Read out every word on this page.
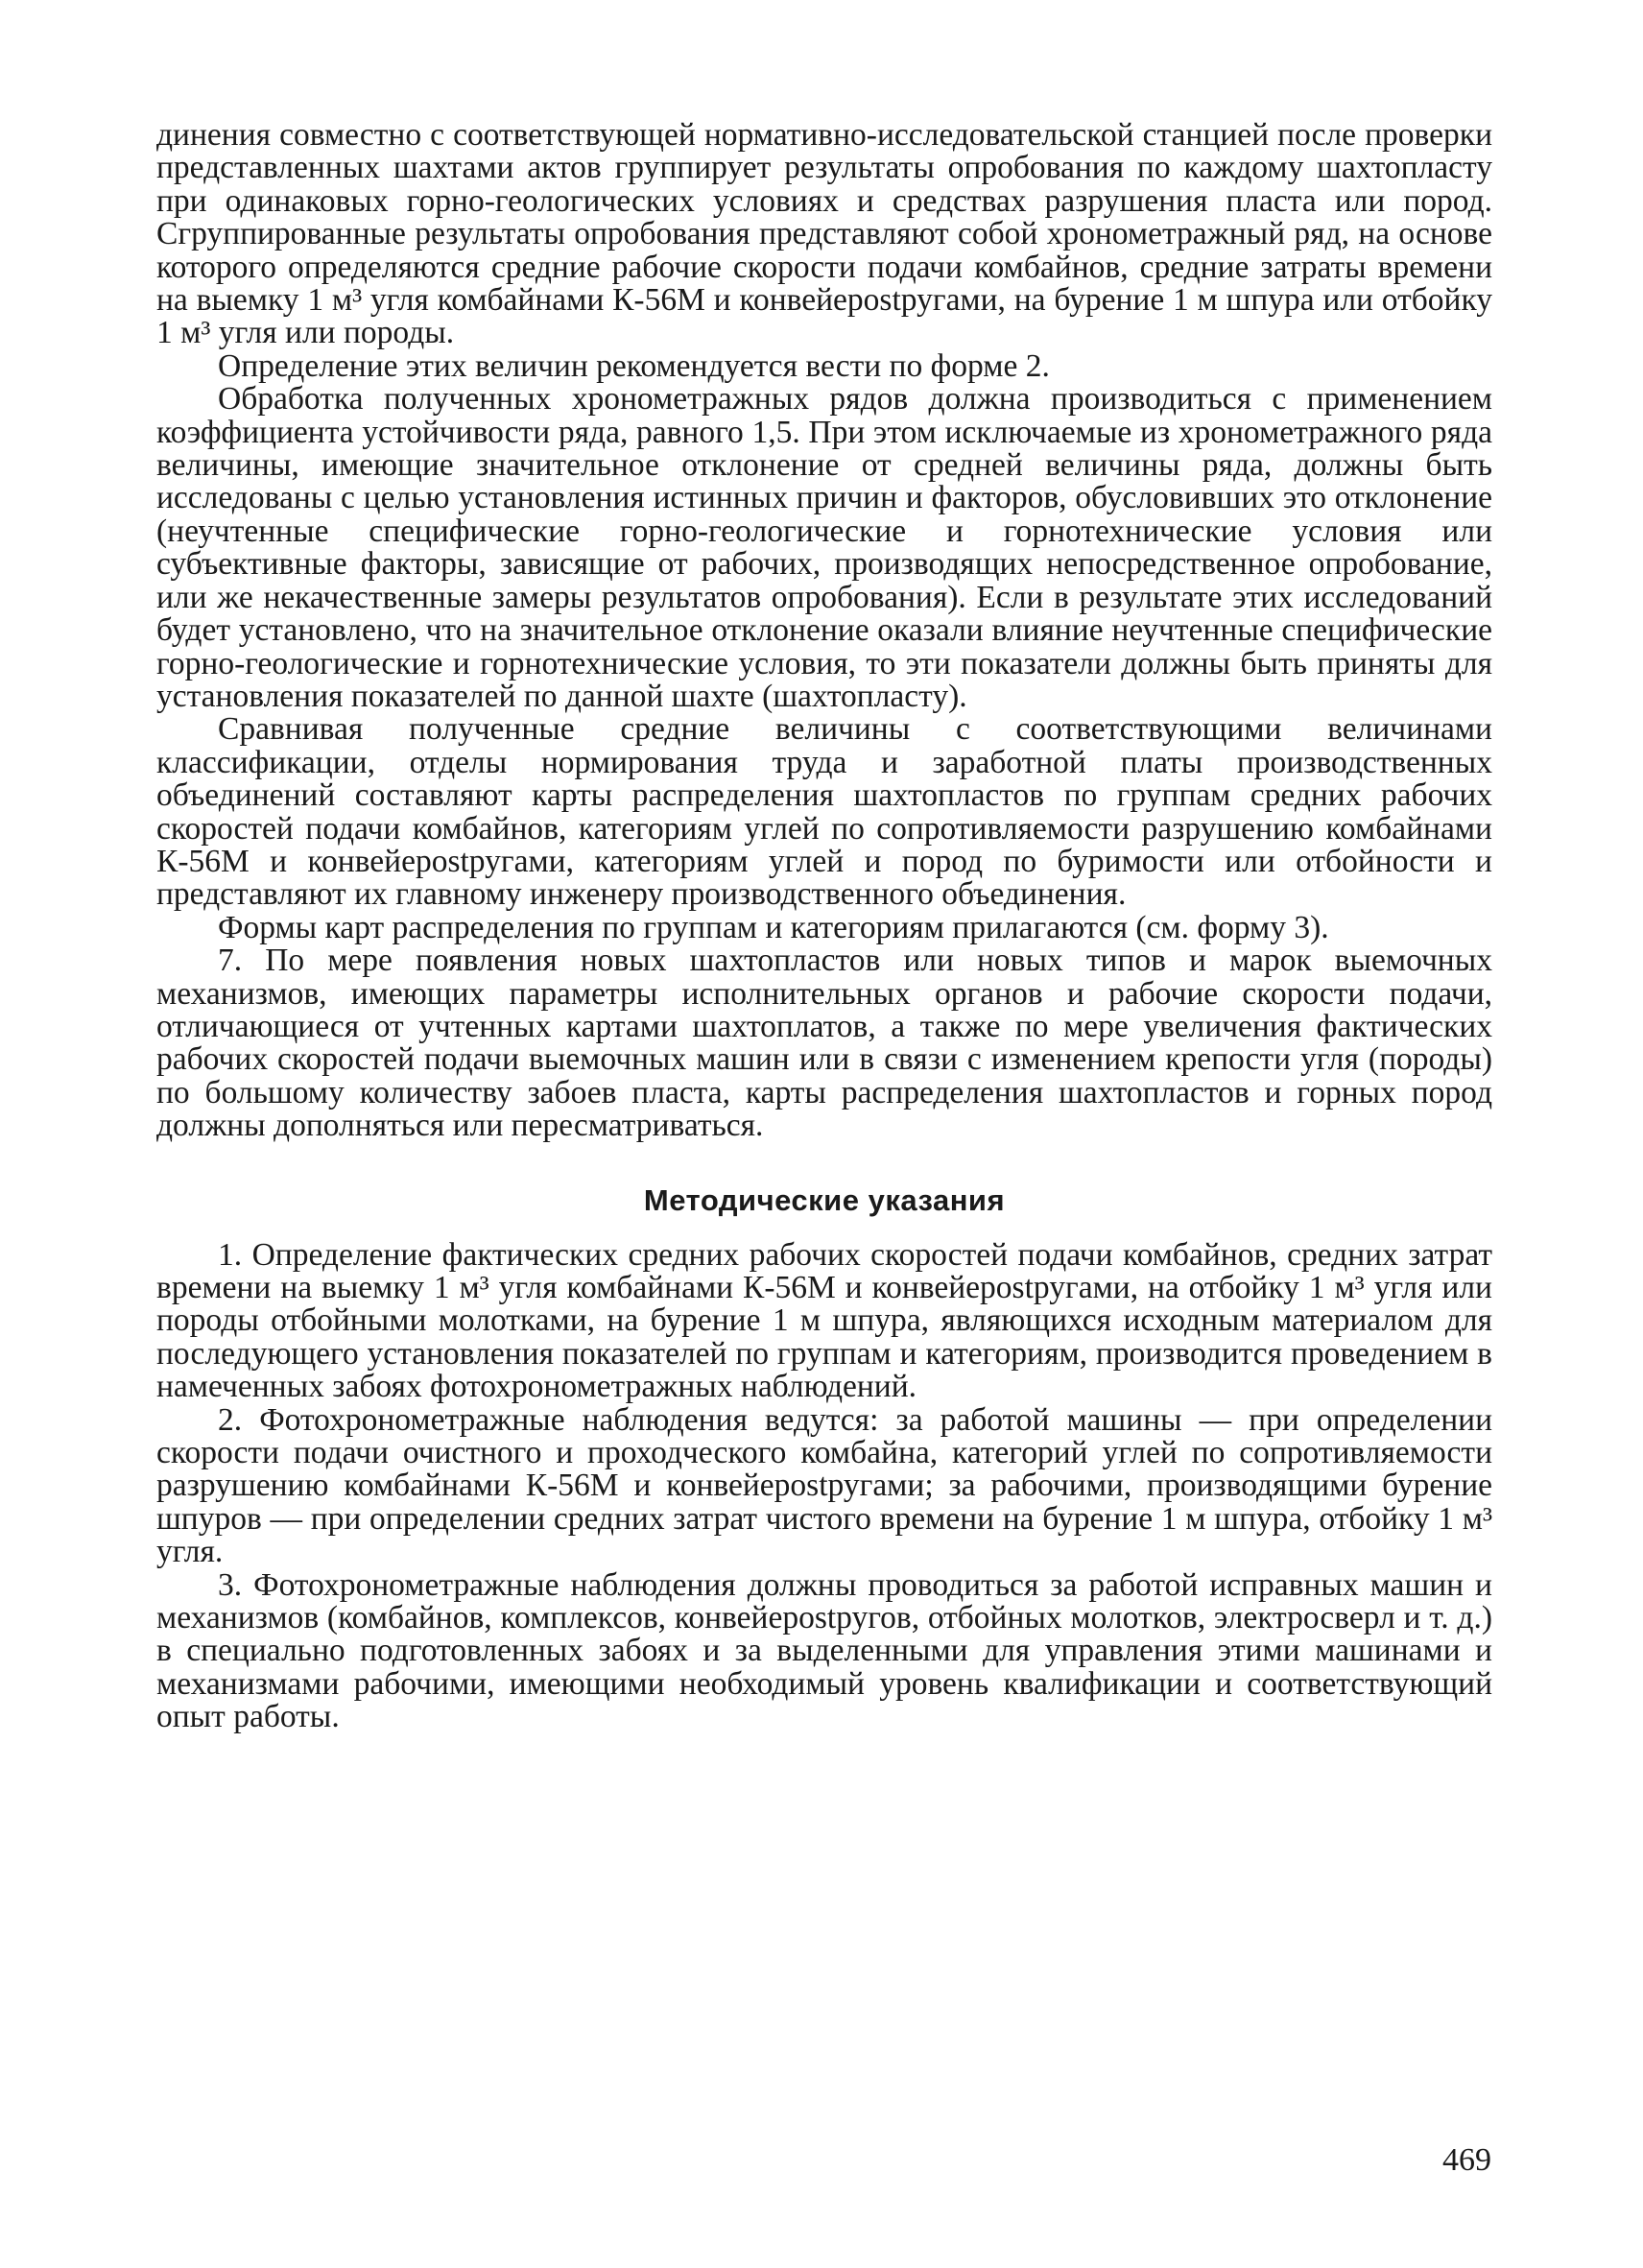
динения совместно с соответствующей нормативно-исследовательской станцией после проверки представленных шахтами актов группирует результаты опробования по каждому шахтопласту при одинаковых горно-геологических условиях и средствах разрушения пласта или пород. Сгруппированные результаты опробования представляют собой хронометражный ряд, на основе которого определяются средние рабочие скорости подачи комбайнов, средние затраты времени на выемку 1 м³ угля комбайнами К-56М и конвейерostругами, на бурение 1 м шпура или отбойку 1 м³ угля или породы.

Определение этих величин рекомендуется вести по форме 2.

Обработка полученных хронометражных рядов должна производиться с применением коэффициента устойчивости ряда, равного 1,5. При этом исключаемые из хронометражного ряда величины, имеющие значительное отклонение от средней величины ряда, должны быть исследованы с целью установления истинных причин и факторов, обусловивших это отклонение (неучтенные специфические горно-геологические и горнотехнические условия или субъективные факторы, зависящие от рабочих, производящих непосредственное опробование, или же некачественные замеры результатов опробования). Если в результате этих исследований будет установлено, что на значительное отклонение оказали влияние неучтенные специфические горно-геологические и горнотехнические условия, то эти показатели должны быть приняты для установления показателей по данной шахте (шахтопласту).

Сравнивая полученные средние величины с соответствующими величинами классификации, отделы нормирования труда и заработной платы производственных объединений составляют карты распределения шахтопластов по группам средних рабочих скоростей подачи комбайнов, категориям углей по сопротивляемости разрушению комбайнами К-56М и конвейерostругами, категориям углей и пород по буримости или отбойности и представляют их главному инженеру производственного объединения.

Формы карт распределения по группам и категориям прилагаются (см. форму 3).

7. По мере появления новых шахтопластов или новых типов и марок выемочных механизмов, имеющих параметры исполнительных органов и рабочие скорости подачи, отличающиеся от учтенных картами шахтоплатов, а также по мере увеличения фактических рабочих скоростей подачи выемочных машин или в связи с изменением крепости угля (породы) по большому количеству забоев пласта, карты распределения шахтопластов и горных пород должны дополняться или пересматриваться.

Методические указания

1. Определение фактических средних рабочих скоростей подачи комбайнов, средних затрат времени на выемку 1 м³ угля комбайнами К-56М и конвейерostругами, на отбойку 1 м³ угля или породы отбойными молотками, на бурение 1 м шпура, являющихся исходным материалом для последующего установления показателей по группам и категориям, производится проведением в намеченных забоях фотохронометражных наблюдений.

2. Фотохронометражные наблюдения ведутся: за работой машины — при определении скорости подачи очистного и проходческого комбайна, категорий углей по сопротивляемости разрушению комбайнами К-56М и конвейерostругами; за рабочими, производящими бурение шпуров — при определении средних затрат чистого времени на бурение 1 м шпура, отбойку 1 м³ угля.

3. Фотохронометражные наблюдения должны проводиться за работой исправных машин и механизмов (комбайнов, комплексов, конвейерostругов, отбойных молотков, электросверл и т. д.) в специально подготовленных забоях и за выделенными для управления этими машинами и механизмами рабочими, имеющими необходимый уровень квалификации и соответствующий опыт работы.

469
